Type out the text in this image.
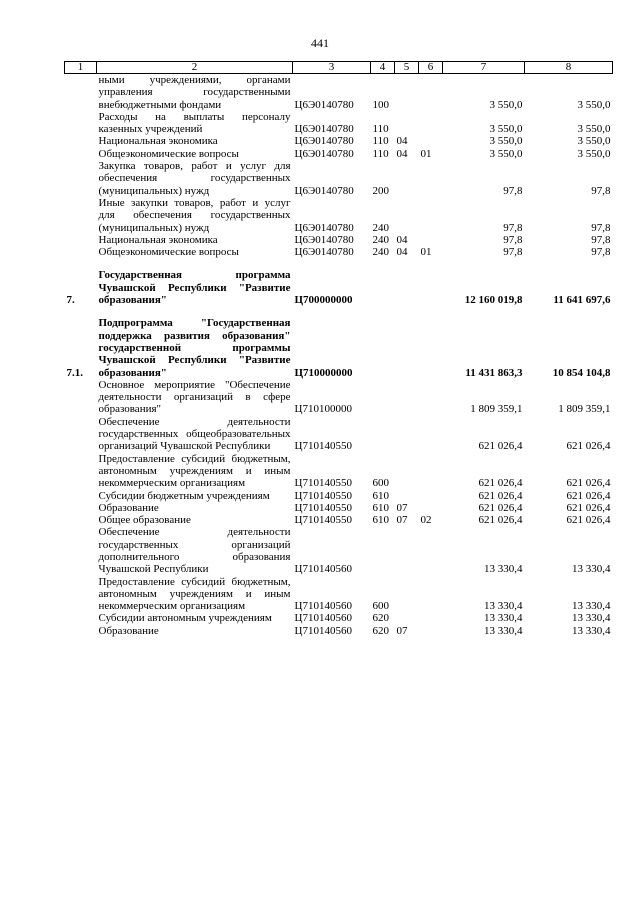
441
1	2	3	4	5	6	7	8
	ными учреждениями, органами управления государственными внебюджетными фондами	Ц6Э0140780	100			3 550,0	3 550,0
	Расходы на выплаты персоналу казенных учреждений	Ц6Э0140780	110			3 550,0	3 550,0
	Национальная экономика	Ц6Э0140780	110	04		3 550,0	3 550,0
	Общеэкономические вопросы	Ц6Э0140780	110	04	01	3 550,0	3 550,0
	Закупка товаров, работ и услуг для обеспечения государственных (муниципальных) нужд	Ц6Э0140780	200			97,8	97,8
	Иные закупки товаров, работ и услуг для обеспечения государственных (муниципальных) нужд	Ц6Э0140780	240			97,8	97,8
	Национальная экономика	Ц6Э0140780	240	04		97,8	97,8
	Общеэкономические вопросы	Ц6Э0140780	240	04	01	97,8	97,8

7.	Государственная программа Чувашской Республики "Развитие образования"	Ц700000000				12 160 019,8	11 641 697,6

7.1.	Подпрограмма "Государственная поддержка развития образования" государственной программы Чувашской Республики "Развитие образования"	Ц710000000				11 431 863,3	10 854 104,8
	Основное мероприятие "Обеспечение деятельности организаций в сфере образования"	Ц710100000				1 809 359,1	1 809 359,1
	Обеспечение деятельности государственных общеобразовательных организаций Чувашской Республики	Ц710140550				621 026,4	621 026,4
	Предоставление субсидий бюджетным, автономным учреждениям и иным некоммерческим организациям	Ц710140550	600			621 026,4	621 026,4
	Субсидии бюджетным учреждениям	Ц710140550	610			621 026,4	621 026,4
	Образование	Ц710140550	610	07		621 026,4	621 026,4
	Общее образование	Ц710140550	610	07	02	621 026,4	621 026,4
	Обеспечение деятельности государственных организаций дополнительного образования Чувашской Республики	Ц710140560				13 330,4	13 330,4
	Предоставление субсидий бюджетным, автономным учреждениям и иным некоммерческим организациям	Ц710140560	600			13 330,4	13 330,4
	Субсидии автономным учреждениям	Ц710140560	620			13 330,4	13 330,4
	Образование	Ц710140560	620	07		13 330,4	13 330,4
